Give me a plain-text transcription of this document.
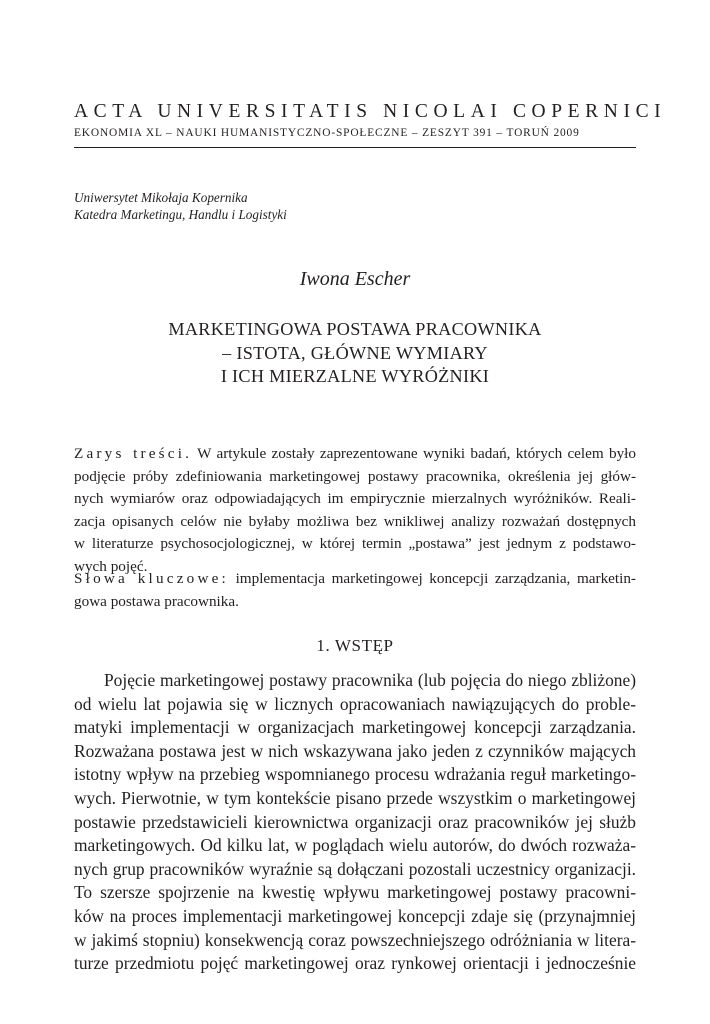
ACTA UNIVERSITATIS NICOLAI COPERNICI
EKONOMIA XL – NAUKI HUMANISTYCZNO-SPOŁECZNE – ZESZYT 391 – TORUŃ 2009
Uniwersytet Mikołaja Kopernika
Katedra Marketingu, Handlu i Logistyki
Iwona Escher
MARKETINGOWA POSTAWA PRACOWNIKA
– ISTOTA, GŁÓWNE WYMIARY
I ICH MIERZALNE WYRÓŻNIKI
Zarys treści. W artykule zostały zaprezentowane wyniki badań, których celem było
podjęcie próby zdefiniowania marketingowej postawy pracownika, określenia jej głów-
nych wymiarów oraz odpowiadających im empirycznie mierzalnych wyróżników. Reali-
zacja opisanych celów nie byłaby możliwa bez wnikliwej analizy rozważań dostępnych
w literaturze psychosocjologicznej, w której termin „postawa” jest jednym z podstawo-
wych pojęć.
Słowa kluczowe: implementacja marketingowej koncepcji zarządzania, marketin-
gowa postawa pracownika.
1. WSTĘP
Pojęcie marketingowej postawy pracownika (lub pojęcia do niego zbliżone)
od wielu lat pojawia się w licznych opracowaniach nawiązujących do proble-
matyki implementacji w organizacjach marketingowej koncepcji zarządzania.
Rozważana postawa jest w nich wskazywana jako jeden z czynników mających
istotny wpływ na przebieg wspomnianego procesu wdrażania reguł marketingo-
wych. Pierwotnie, w tym kontekście pisano przede wszystkim o marketingowej
postawie przedstawicieli kierownictwa organizacji oraz pracowników jej służb
marketingowych. Od kilku lat, w poglądach wielu autorów, do dwóch rozważa-
nych grup pracowników wyraźnie są dołączani pozostali uczestnicy organizacji.
To szersze spojrzenie na kwestię wpływu marketingowej postawy pracowni-
ków na proces implementacji marketingowej koncepcji zdaje się (przynajmniej
w jakimś stopniu) konsekwencją coraz powszechniejszego odróżniania w litera-
turze przedmiotu pojęć marketingowej oraz rynkowej orientacji i jednocześnie
